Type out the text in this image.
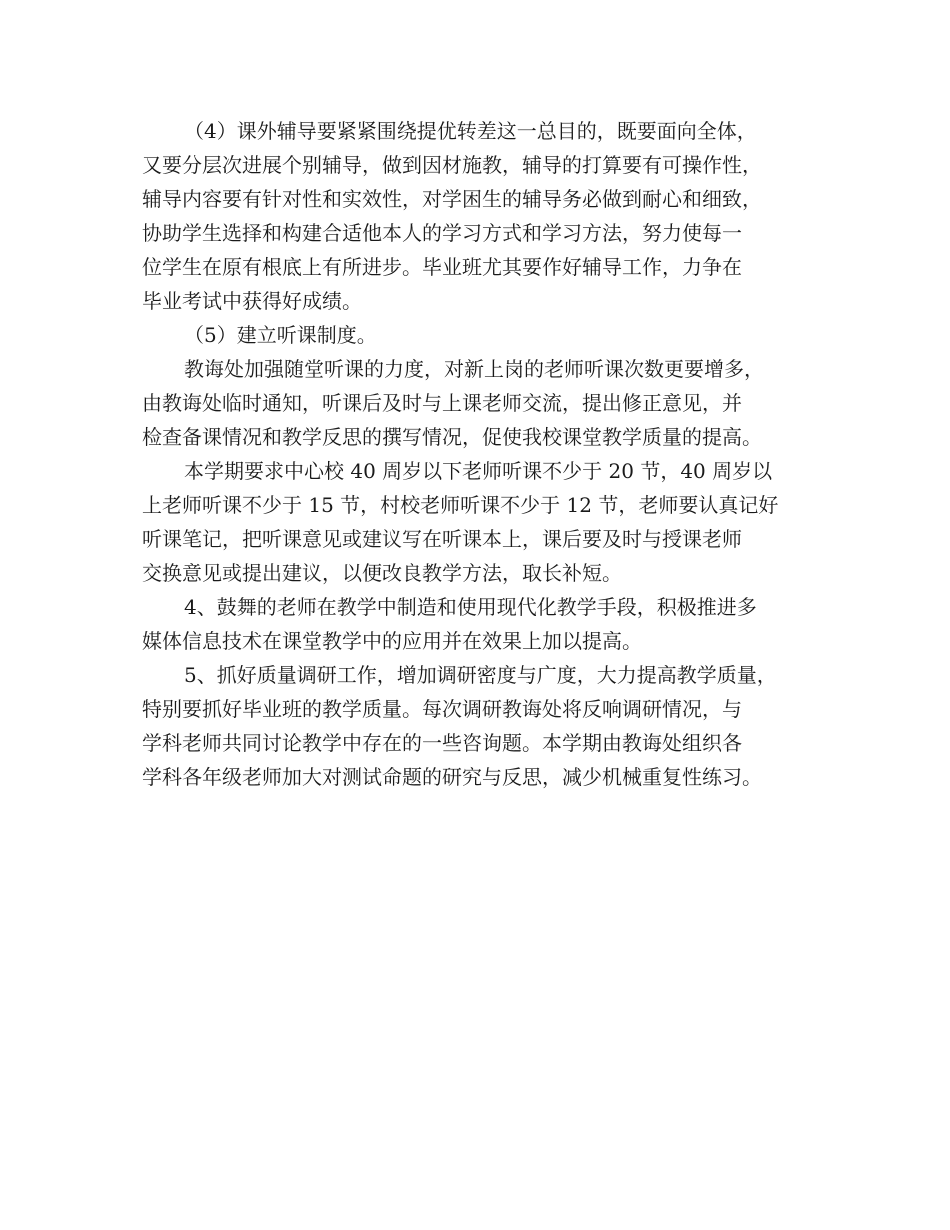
（4）课外辅导要紧紧围绕提优转差这一总目的，既要面向全体，
又要分层次进展个别辅导，做到因材施教，辅导的打算要有可操作性，
辅导内容要有针对性和实效性，对学困生的辅导务必做到耐心和细致，
协助学生选择和构建合适他本人的学习方式和学习方法，努力使每一
位学生在原有根底上有所进步。毕业班尤其要作好辅导工作，力争在
毕业考试中获得好成绩。
（5）建立听课制度。
教诲处加强随堂听课的力度，对新上岗的老师听课次数更要增多，
由教诲处临时通知，听课后及时与上课老师交流，提出修正意见，并
检查备课情况和教学反思的撰写情况，促使我校课堂教学质量的提高。
本学期要求中心校 40 周岁以下老师听课不少于 20 节，40 周岁以
上老师听课不少于 15 节，村校老师听课不少于 12 节，老师要认真记好
听课笔记，把听课意见或建议写在听课本上，课后要及时与授课老师
交换意见或提出建议，以便改良教学方法，取长补短。
4、鼓舞的老师在教学中制造和使用现代化教学手段，积极推进多
媒体信息技术在课堂教学中的应用并在效果上加以提高。
5、抓好质量调研工作，增加调研密度与广度，大力提高教学质量，
特别要抓好毕业班的教学质量。每次调研教诲处将反响调研情况，与
学科老师共同讨论教学中存在的一些咨询题。本学期由教诲处组织各
学科各年级老师加大对测试命题的研究与反思，减少机械重复性练习。
